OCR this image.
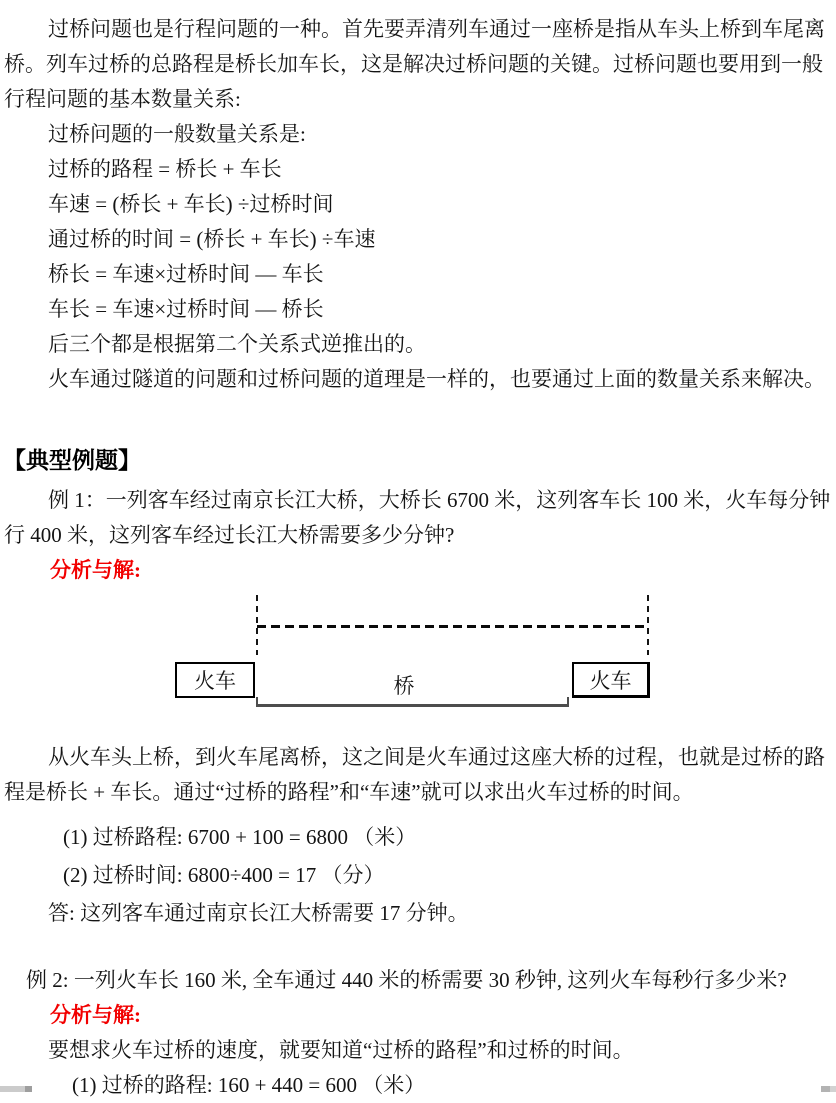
过桥问题也是行程问题的一种。首先要弄清列车通过一座桥是指从车头上桥到车尾离
桥。列车过桥的总路程是桥长加车长，这是解决过桥问题的关键。过桥问题也要用到一般
行程问题的基本数量关系:
过桥问题的一般数量关系是:
过桥的路程 = 桥长 + 车长
车速 = (桥长 + 车长) ÷过桥时间
通过桥的时间 = (桥长 + 车长) ÷车速
桥长 = 车速×过桥时间 — 车长
车长 = 车速×过桥时间 — 桥长
后三个都是根据第二个关系式逆推出的。
火车通过隧道的问题和过桥问题的道理是一样的，也要通过上面的数量关系来解决。
【典型例题】
例 1：一列客车经过南京长江大桥，大桥长 6700 米，这列客车长 100 米，火车每分钟
行 400 米，这列客车经过长江大桥需要多少分钟?
分析与解:
火车	火车
桥
从火车头上桥，到火车尾离桥，这之间是火车通过这座大桥的过程，也就是过桥的路
程是桥长 + 车长。通过“过桥的路程”和“车速”就可以求出火车过桥的时间。
(1) 过桥路程: 6700 + 100 = 6800 （米）
(2) 过桥时间: 6800÷400 = 17 （分）
答: 这列客车通过南京长江大桥需要 17 分钟。
例 2: 一列火车长 160 米, 全车通过 440 米的桥需要 30 秒钟, 这列火车每秒行多少米?
分析与解:
要想求火车过桥的速度，就要知道“过桥的路程”和过桥的时间。
(1) 过桥的路程: 160 + 440 = 600 （米）
